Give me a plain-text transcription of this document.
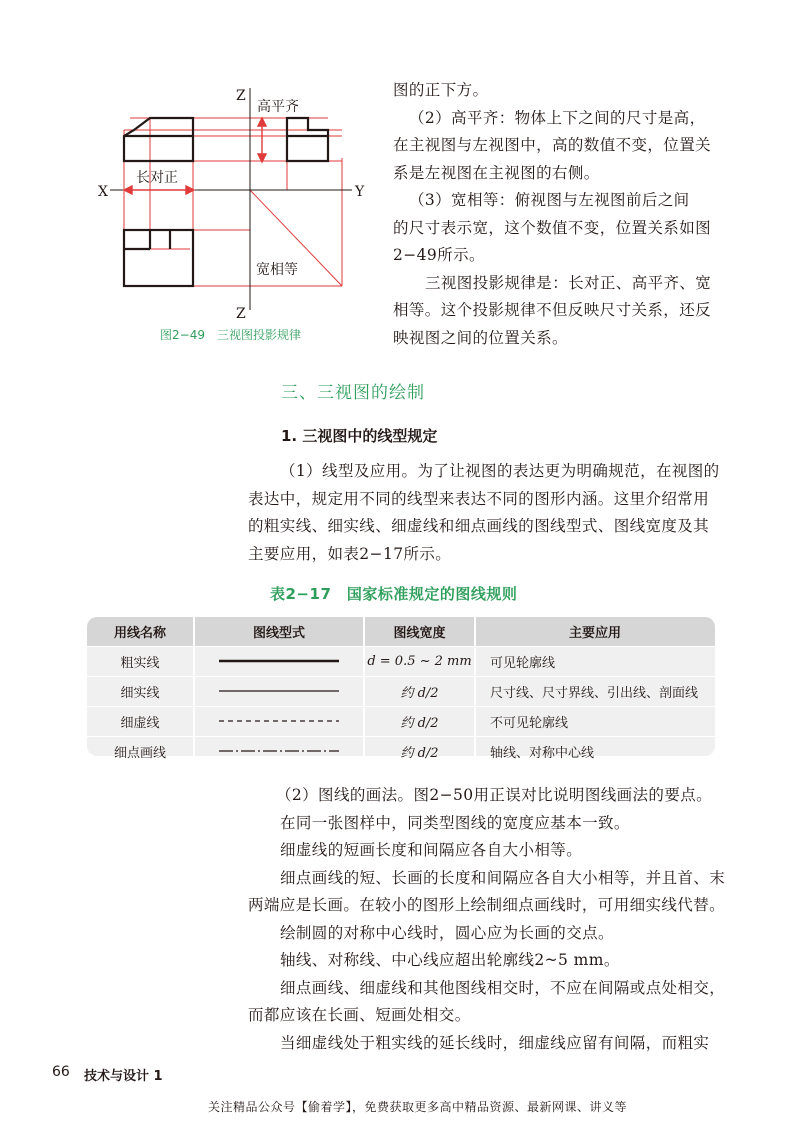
Z
Z
X	Y
高平齐
长对正
宽相等
图2−49　三视图投影规律
图的正下方。
（2）高平齐：物体上下之间的尺寸是高，
在主视图与左视图中，高的数值不变，位置关
系是左视图在主视图的右侧。
（3）宽相等：俯视图与左视图前后之间
的尺寸表示宽，这个数值不变，位置关系如图
2−49所示。
三视图投影规律是：长对正、高平齐、宽
相等。这个投影规律不但反映尺寸关系，还反
映视图之间的位置关系。
三、三视图的绘制
1. 三视图中的线型规定
（1）线型及应用。为了让视图的表达更为明确规范，在视图的
表达中，规定用不同的线型来表达不同的图形内涵。这里介绍常用
的粗实线、细实线、细虚线和细点画线的图线型式、图线宽度及其
主要应用，如表2−17所示。
表2−17　国家标准规定的图线规则
用线名称	图线型式	图线宽度	主要应用
粗实线		d = 0.5 ~ 2 mm	可见轮廓线
细实线		约 d/2	尺寸线、尺寸界线、引出线、剖面线
细虚线		约 d/2	不可见轮廓线
细点画线		约 d/2	轴线、对称中心线
（2）图线的画法。图2−50用正误对比说明图线画法的要点。
在同一张图样中，同类型图线的宽度应基本一致。
细虚线的短画长度和间隔应各自大小相等。
细点画线的短、长画的长度和间隔应各自大小相等，并且首、末
两端应是长画。在较小的图形上绘制细点画线时，可用细实线代替。
绘制圆的对称中心线时，圆心应为长画的交点。
轴线、对称线、中心线应超出轮廓线2~5 mm。
细点画线、细虚线和其他图线相交时，不应在间隔或点处相交，
而都应该在长画、短画处相交。
当细虚线处于粗实线的延长线时，细虚线应留有间隔，而粗实
66 技术与设计 1
关注精品公众号【偷着学】，免费获取更多高中精品资源、最新网课、讲义等
